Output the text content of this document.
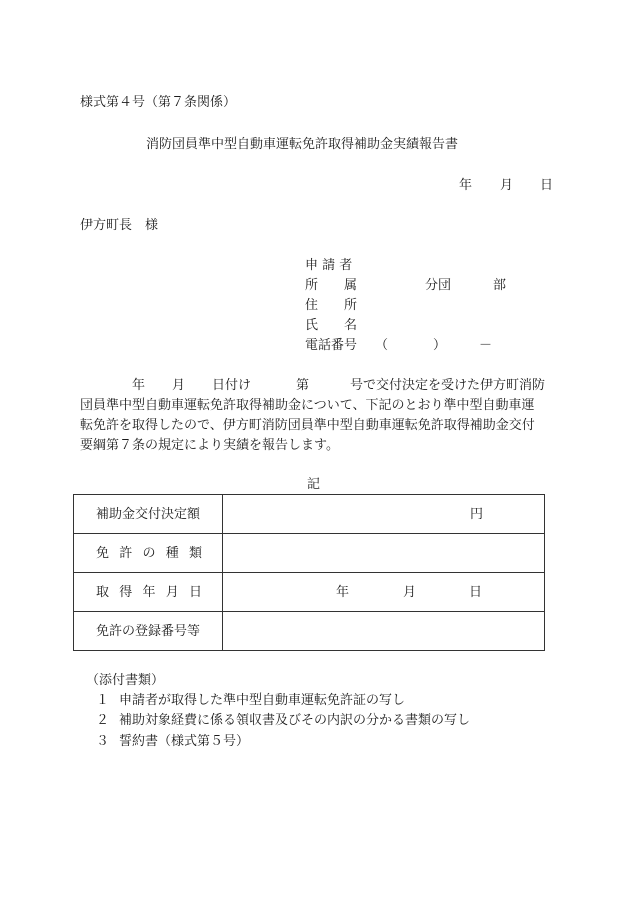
様式第４号（第７条関係）
消防団員準中型自動車運転免許取得補助金実績報告書
年 月 日
伊方町長　様
申 請 者
所　　属	分団	部
住　　所
氏　　名
電話番号 （	）	－
年 月 日付け	第	号で交付決定を受けた伊方町消防
団員準中型自動車運転免許取得補助金について、下記のとおり準中型自動車運
転免許を取得したので、伊方町消防団員準中型自動車運転免許取得補助金交付
要綱第７条の規定により実績を報告します。
記
補助金交付決定額	円

免 許 の 種 類	

取 得 年 月 日	年 月 日

免許の登録番号等	

（添付書類）
１ 申請者が取得した準中型自動車運転免許証の写し
２ 補助対象経費に係る領収書及びその内訳の分かる書類の写し
３ 誓約書（様式第５号）
